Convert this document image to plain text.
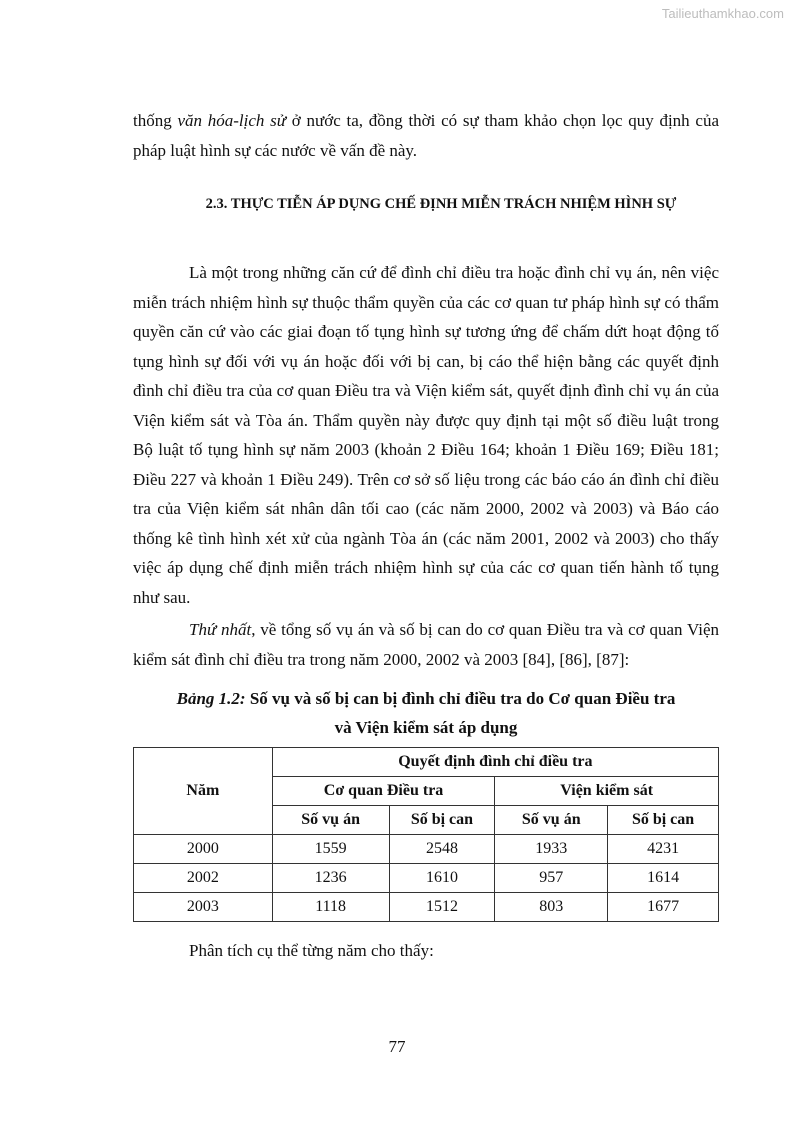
Tailieuthamkhao.com

thống văn hóa-lịch sử ở nước ta, đồng thời có sự tham khảo chọn lọc quy định của pháp luật hình sự các nước về vấn đề này.

2.3. THỰC TIỄN ÁP DỤNG CHẾ ĐỊNH MIỄN TRÁCH NHIỆM HÌNH SỰ

Là một trong những căn cứ để đình chỉ điều tra hoặc đình chỉ vụ án, nên việc miễn trách nhiệm hình sự thuộc thẩm quyền của các cơ quan tư pháp hình sự có thẩm quyền căn cứ vào các giai đoạn tố tụng hình sự tương ứng để chấm dứt hoạt động tố tụng hình sự đối với vụ án hoặc đối với bị can, bị cáo thể hiện bằng các quyết định đình chỉ điều tra của cơ quan Điều tra và Viện kiểm sát, quyết định đình chỉ vụ án của Viện kiểm sát và Tòa án. Thẩm quyền này được quy định tại một số điều luật trong Bộ luật tố tụng hình sự năm 2003 (khoản 2 Điều 164; khoản 1 Điều 169; Điều 181; Điều 227 và khoản 1 Điều 249). Trên cơ sở số liệu trong các báo cáo án đình chỉ điều tra của Viện kiểm sát nhân dân tối cao (các năm 2000, 2002 và 2003) và Báo cáo thống kê tình hình xét xử của ngành Tòa án (các năm 2001, 2002 và 2003) cho thấy việc áp dụng chế định miễn trách nhiệm hình sự của các cơ quan tiến hành tố tụng như sau.

Thứ nhất, về tổng số vụ án và số bị can do cơ quan Điều tra và cơ quan Viện kiểm sát đình chỉ điều tra trong năm 2000, 2002 và 2003 [84], [86], [87]:

Bảng 1.2: Số vụ và số bị can bị đình chỉ điều tra do Cơ quan Điều tra
và Viện kiểm sát áp dụng
Năm	Quyết định đình chỉ điều tra			
	Cơ quan Điều tra		Viện kiểm sát	
	Số vụ án	Số bị can	Số vụ án	Số bị can
2000	1559	2548	1933	4231
2002	1236	1610	957	1614
2003	1118	1512	803	1677

Phân tích cụ thể từng năm cho thấy:

77
